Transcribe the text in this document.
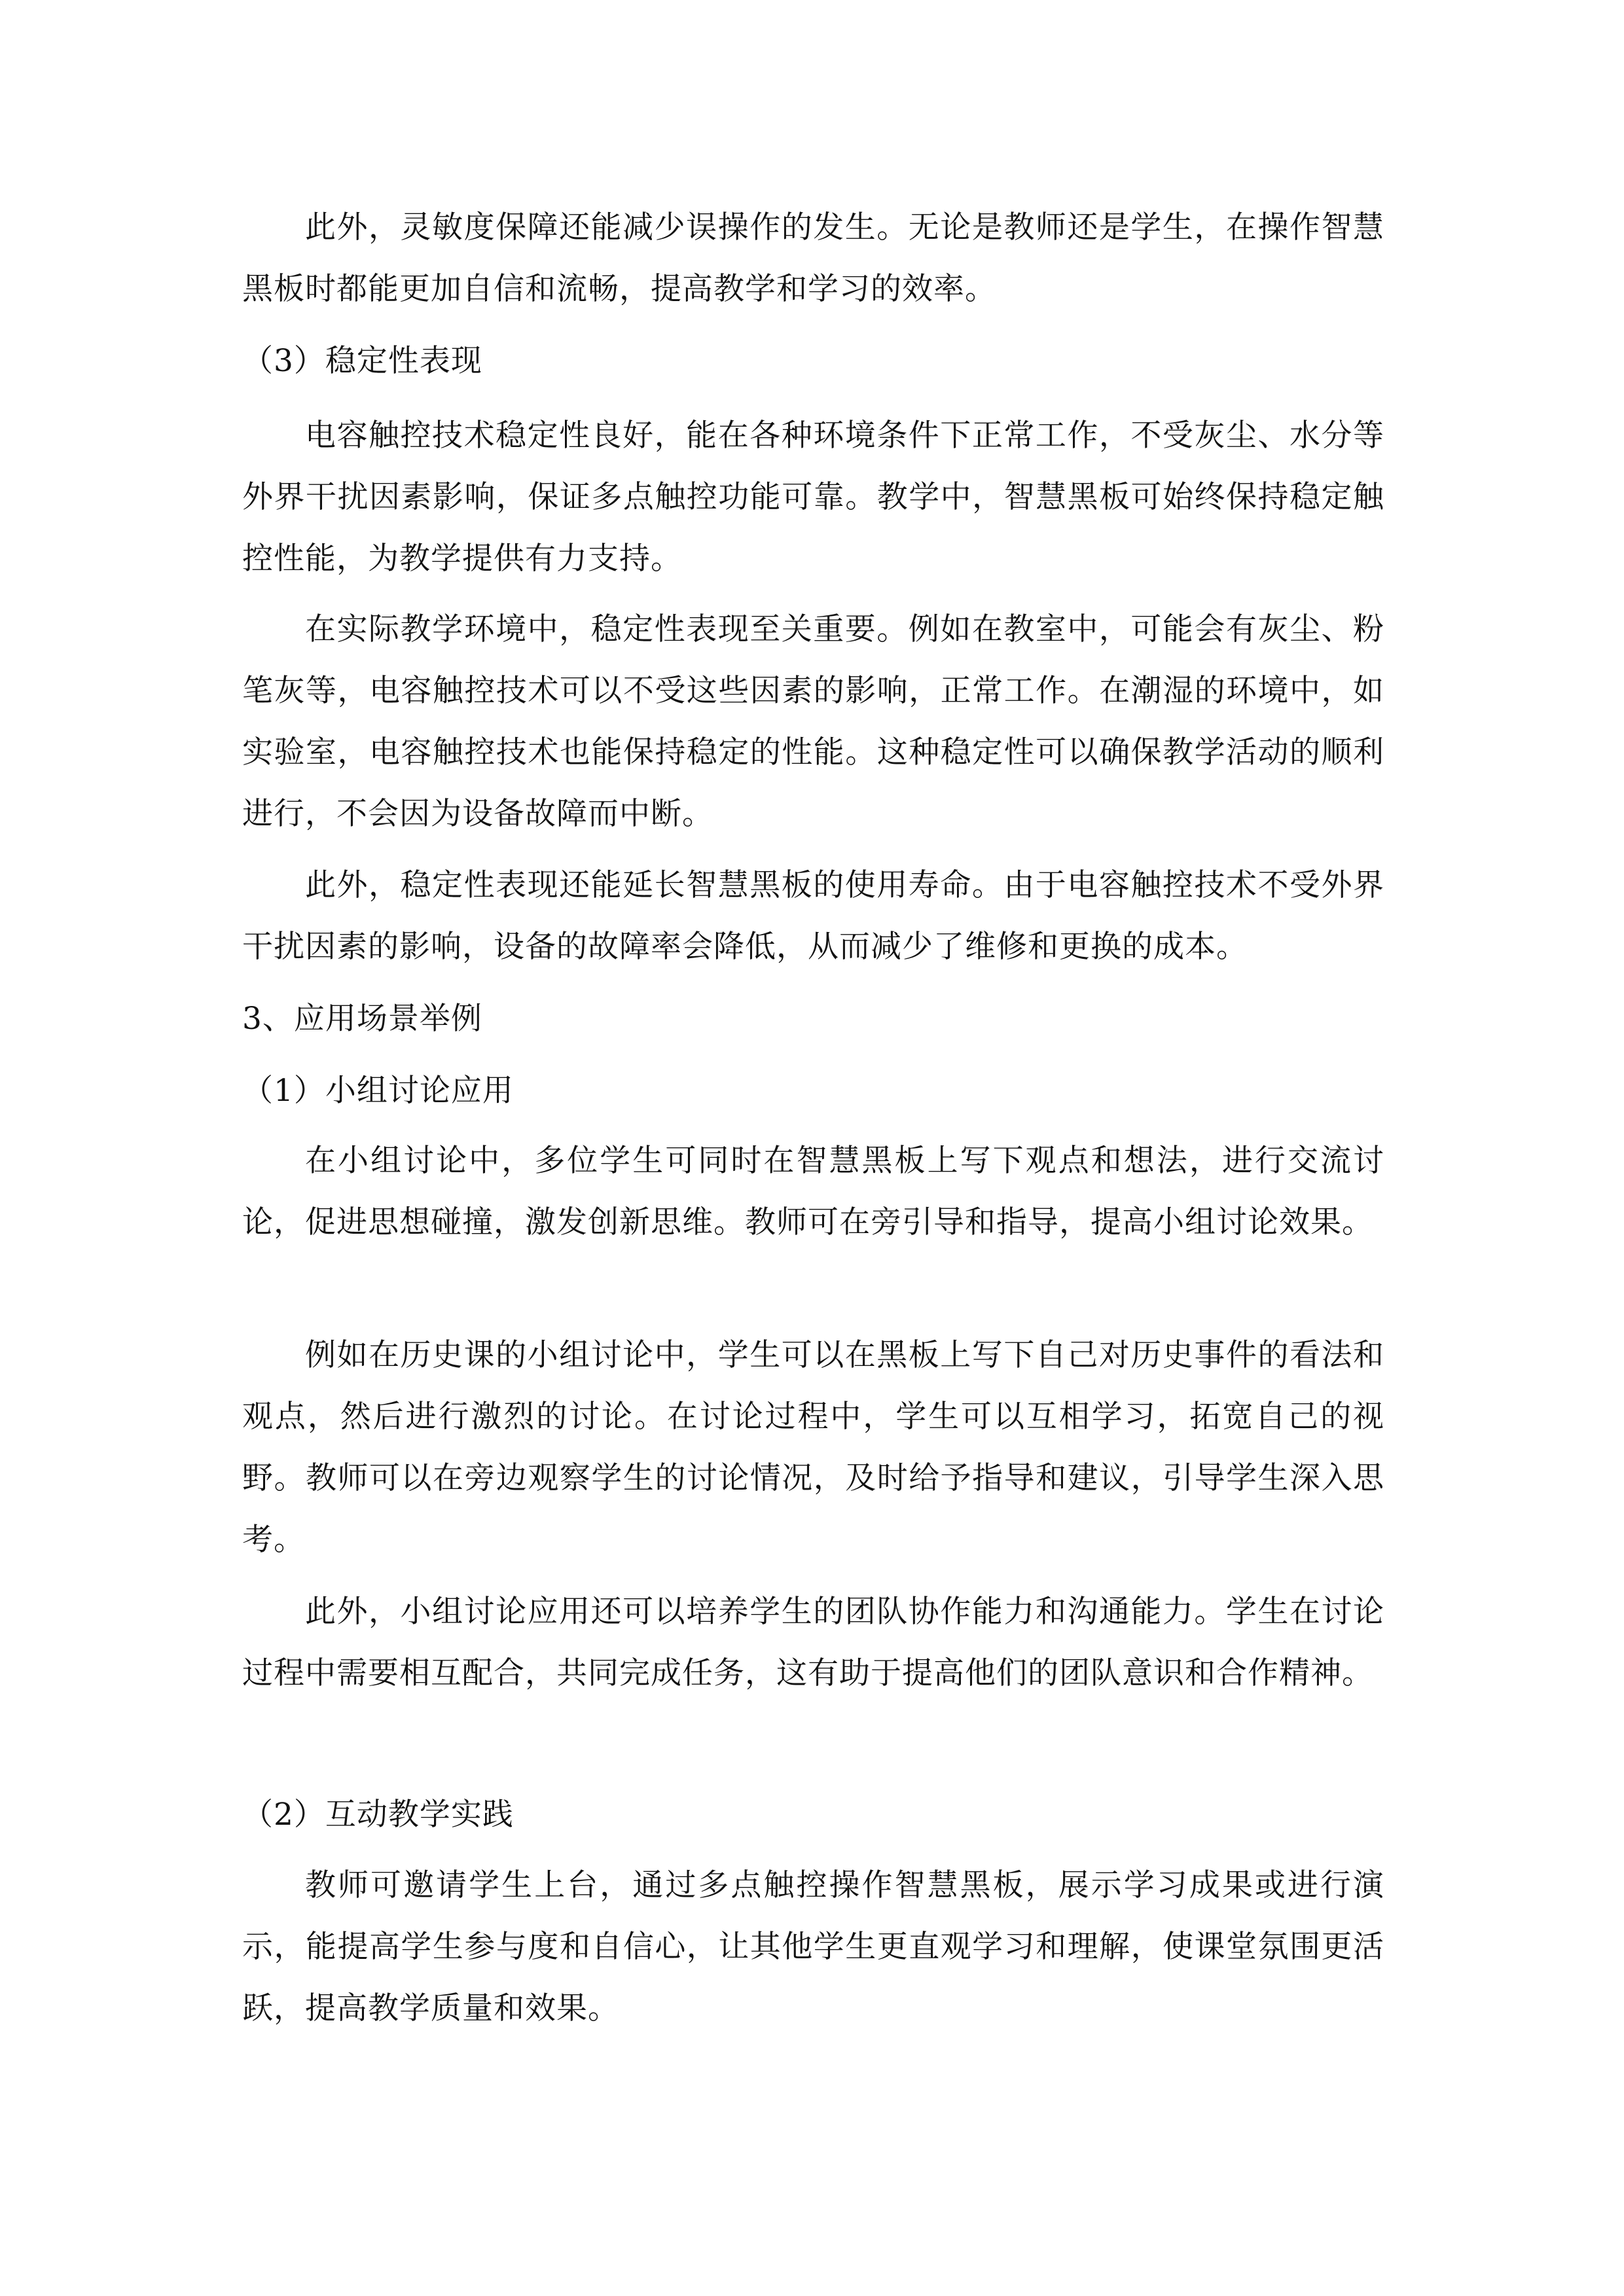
此外，灵敏度保障还能减少误操作的发生。无论是教师还是学生，在操作智慧黑板时都能更加自信和流畅，提高教学和学习的效率。

（3）稳定性表现

电容触控技术稳定性良好，能在各种环境条件下正常工作，不受灰尘、水分等外界干扰因素影响，保证多点触控功能可靠。教学中，智慧黑板可始终保持稳定触控性能，为教学提供有力支持。

在实际教学环境中，稳定性表现至关重要。例如在教室中，可能会有灰尘、粉笔灰等，电容触控技术可以不受这些因素的影响，正常工作。在潮湿的环境中，如实验室，电容触控技术也能保持稳定的性能。这种稳定性可以确保教学活动的顺利进行，不会因为设备故障而中断。

此外，稳定性表现还能延长智慧黑板的使用寿命。由于电容触控技术不受外界干扰因素的影响，设备的故障率会降低，从而减少了维修和更换的成本。

3、应用场景举例

（1）小组讨论应用

在小组讨论中，多位学生可同时在智慧黑板上写下观点和想法，进行交流讨论，促进思想碰撞，激发创新思维。教师可在旁引导和指导，提高小组讨论效果。

例如在历史课的小组讨论中，学生可以在黑板上写下自己对历史事件的看法和观点，然后进行激烈的讨论。在讨论过程中，学生可以互相学习，拓宽自己的视野。教师可以在旁边观察学生的讨论情况，及时给予指导和建议，引导学生深入思考。

此外，小组讨论应用还可以培养学生的团队协作能力和沟通能力。学生在讨论过程中需要相互配合，共同完成任务，这有助于提高他们的团队意识和合作精神。

（2）互动教学实践

教师可邀请学生上台，通过多点触控操作智慧黑板，展示学习成果或进行演示，能提高学生参与度和自信心，让其他学生更直观学习和理解，使课堂氛围更活跃，提高教学质量和效果。
